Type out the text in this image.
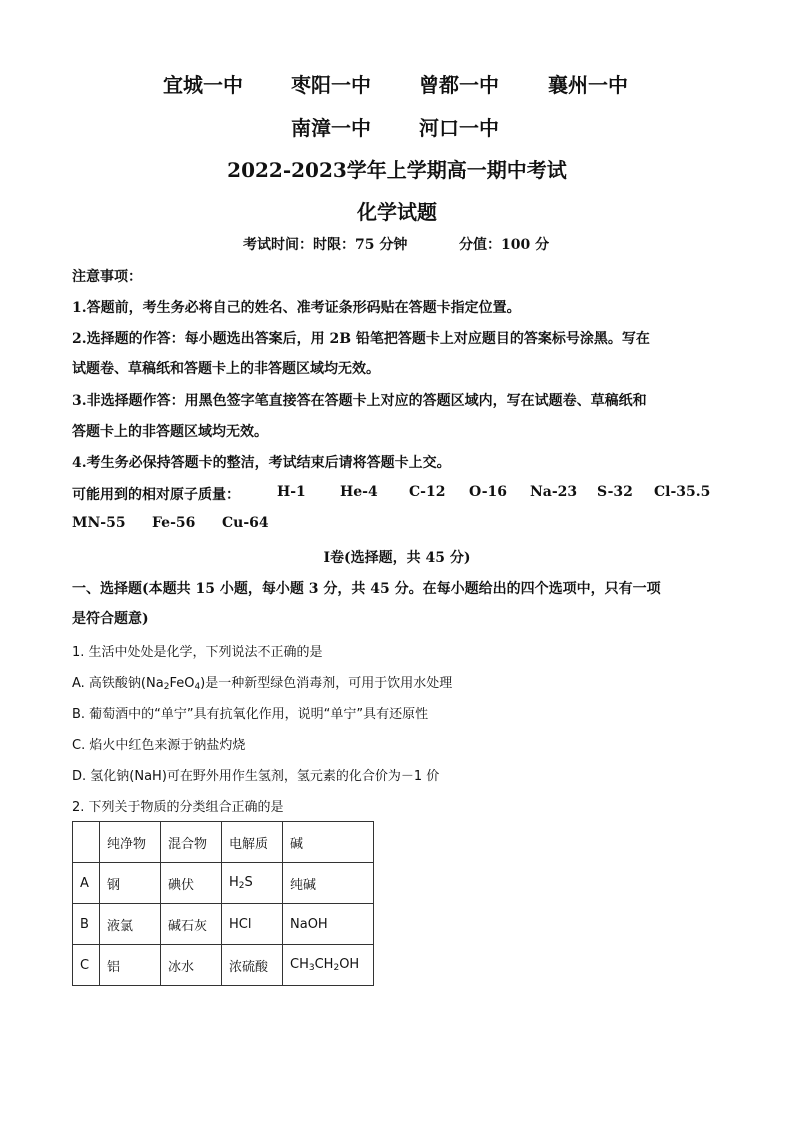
宜城一中 枣阳一中 曾都一中 襄州一中
南漳一中 河口一中
2022-2023学年上学期高一期中考试
化学试题
考试时间：时限：75 分钟	分值：100 分
注意事项：
1.答题前，考生务必将自己的姓名、准考证条形码贴在答题卡指定位置。
2.选择题的作答：每小题选出答案后，用 2B 铅笔把答题卡上对应题目的答案标号涂黑。写在
试题卷、草稿纸和答题卡上的非答题区域均无效。
3.非选择题作答：用黑色签字笔直接答在答题卡上对应的答题区域内，写在试题卷、草稿纸和
答题卡上的非答题区域均无效。
4.考生务必保持答题卡的整洁，考试结束后请将答题卡上交。
可能用到的相对原子质量：	H-1 He-4 C-12 O-16 Na-23 S-32 Cl-35.5
MN-55 Fe-56 Cu-64
Ⅰ卷(选择题，共 45 分)
一、选择题(本题共 15 小题，每小题 3 分，共 45 分。在每小题给出的四个选项中，只有一项
是符合题意)
1. 生活中处处是化学，下列说法不正确的是
A. 高铁酸钠$(Na_2FeO_4)$是一种新型绿色消毒剂，可用于饮用水处理
B. 葡萄酒中的“单宁”具有抗氧化作用，说明“单宁”具有还原性
C. 焰火中红色来源于钠盐灼烧
D. 氢化钠(NaH)可在野外用作生氢剂，氢元素的化合价为－1 价
2. 下列关于物质的分类组合正确的是
	纯净物	混合物	电解质	碱
A	钢	碘伏	$H_2S$	纯碱
B	液氯	碱石灰	HCl	NaOH
C	铝	冰水	浓硫酸	$CH_3CH_2OH$
